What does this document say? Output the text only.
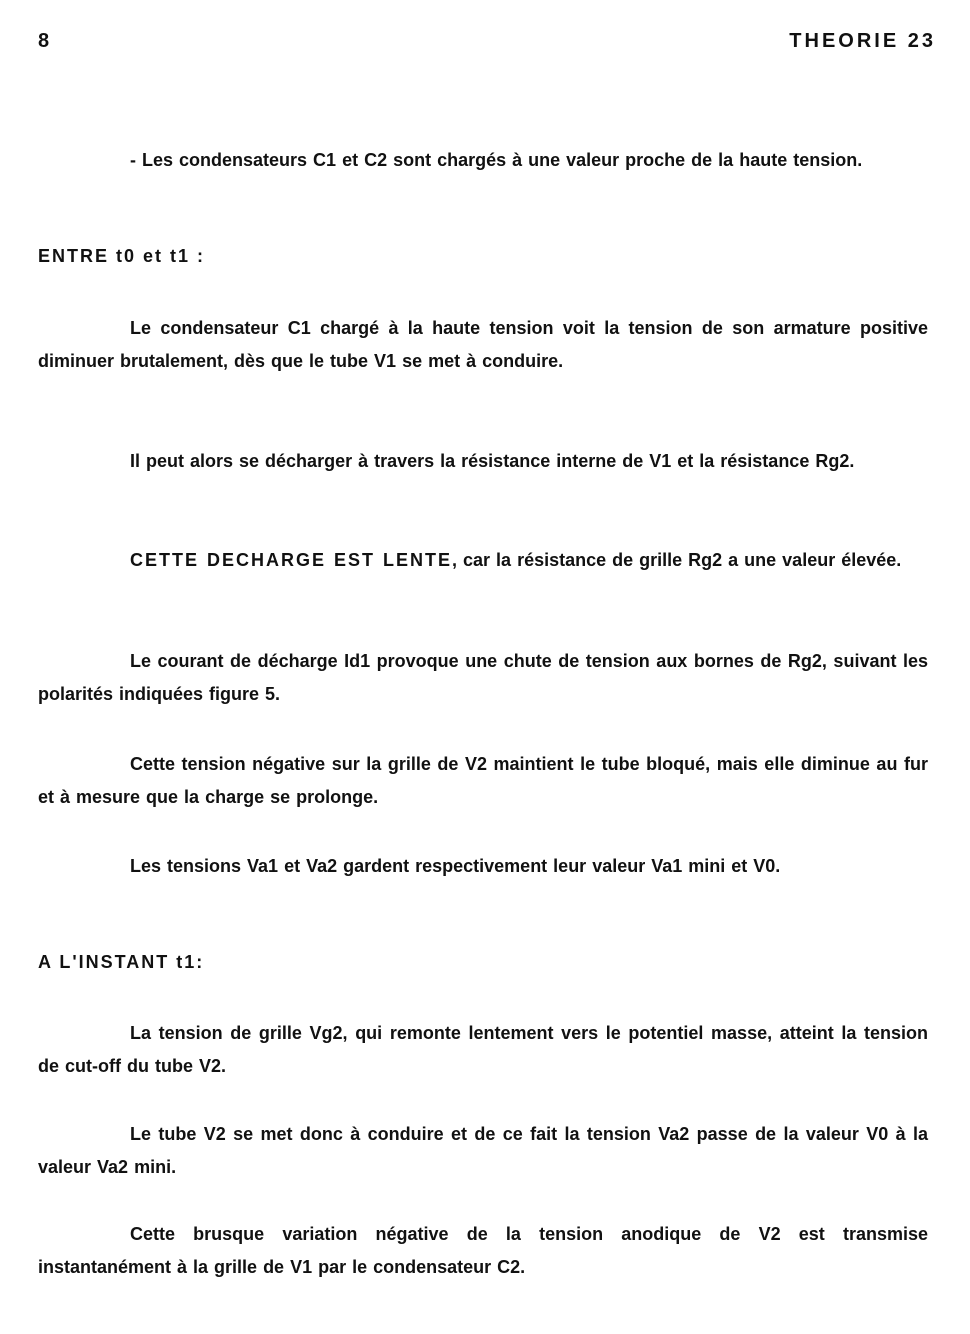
8	THEORIE 23

- Les condensateurs C1 et C2 sont chargés à une valeur proche de la haute tension.

ENTRE t0 et t1 :

Le condensateur C1 chargé à la haute tension voit la tension de son armature positive diminuer brutalement, dès que le tube V1 se met à conduire.

Il peut alors se décharger à travers la résistance interne de V1 et la résistance Rg2.

CETTE DECHARGE EST LENTE, car la résistance de grille Rg2 a une valeur élevée.

Le courant de décharge Id1 provoque une chute de tension aux bornes de Rg2, suivant les polarités indiquées figure 5.

Cette tension négative sur la grille de V2 maintient le tube bloqué, mais elle diminue au fur et à mesure que la charge se prolonge.

Les tensions Va1 et Va2 gardent respectivement leur valeur Va1 mini et V0.

A L'INSTANT t1:

La tension de grille Vg2, qui remonte lentement vers le potentiel masse, atteint la tension de cut-off du tube V2.

Le tube V2 se met donc à conduire et de ce fait la tension Va2 passe de la valeur V0 à la valeur Va2 mini.

Cette brusque variation négative de la tension anodique de V2 est transmise instantanément à la grille de V1 par le condensateur C2.
